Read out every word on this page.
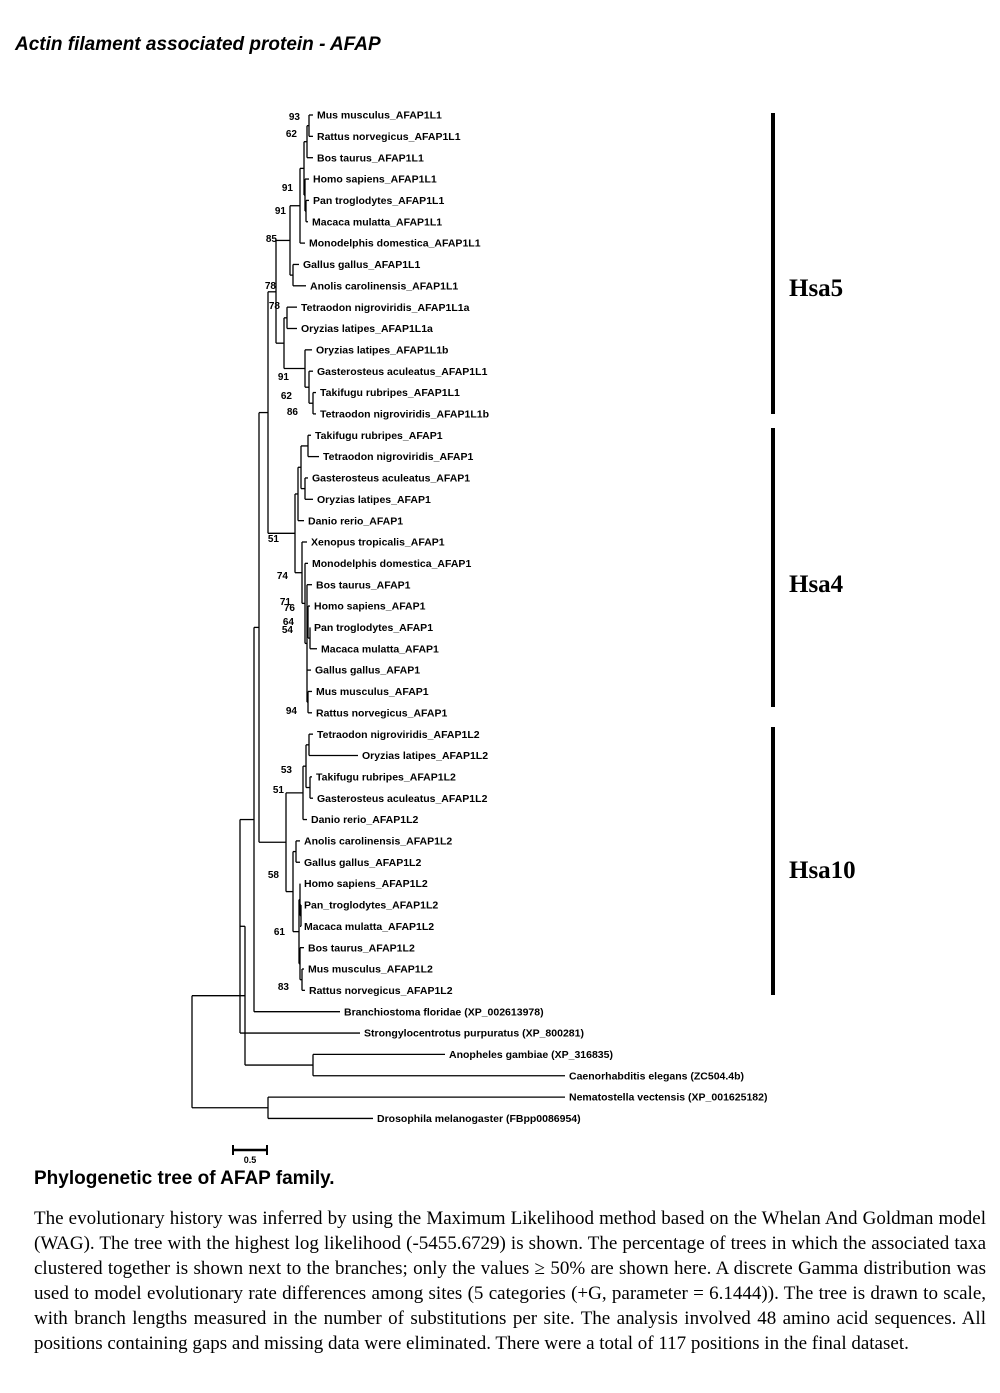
Actin filament associated protein - AFAP
Mus musculus_AFAP1L1
Rattus norvegicus_AFAP1L1
Bos taurus_AFAP1L1
Homo sapiens_AFAP1L1
Pan troglodytes_AFAP1L1
Macaca mulatta_AFAP1L1
Monodelphis domestica_AFAP1L1
Gallus gallus_AFAP1L1
Anolis carolinensis_AFAP1L1
Tetraodon nigroviridis_AFAP1L1a
Oryzias latipes_AFAP1L1a
Oryzias latipes_AFAP1L1b
Gasterosteus aculeatus_AFAP1L1
Takifugu rubripes_AFAP1L1
Tetraodon nigroviridis_AFAP1L1b
Takifugu rubripes_AFAP1
Tetraodon nigroviridis_AFAP1
Gasterosteus aculeatus_AFAP1
Oryzias latipes_AFAP1
Danio rerio_AFAP1
Xenopus tropicalis_AFAP1
Monodelphis domestica_AFAP1
Bos taurus_AFAP1
Homo sapiens_AFAP1
Pan troglodytes_AFAP1
Macaca mulatta_AFAP1
Gallus gallus_AFAP1
Mus musculus_AFAP1
Rattus norvegicus_AFAP1
Tetraodon nigroviridis_AFAP1L2
Oryzias latipes_AFAP1L2
Takifugu rubripes_AFAP1L2
Gasterosteus aculeatus_AFAP1L2
Danio rerio_AFAP1L2
Anolis carolinensis_AFAP1L2
Gallus gallus_AFAP1L2
Homo sapiens_AFAP1L2
Pan_troglodytes_AFAP1L2
Macaca mulatta_AFAP1L2
Bos taurus_AFAP1L2
Mus musculus_AFAP1L2
Rattus norvegicus_AFAP1L2
Branchiostoma floridae (XP_002613978)
Strongylocentrotus purpuratus (XP_800281)
Anopheles gambiae (XP_316835)
Caenorhabditis elegans (ZC504.4b)
Nematostella vectensis (XP_001625182)
Drosophila melanogaster (FBpp0086954)
93
62
91
91
85
78
78
91
62
86
51
74
71
76
64
54
94
53
51
58
61
83
Hsa5
Hsa4
Hsa10
0.5
Phylogenetic tree of AFAP family.

The evolutionary history was inferred by using the Maximum Likelihood method based on the Whelan And Goldman model (WAG). The tree with the highest log likelihood (-5455.6729) is shown. The percentage of trees in which the associated taxa clustered together is shown next to the branches; only the values ≥ 50% are shown here. A discrete Gamma distribution was used to model evolutionary rate differences among sites (5 categories (+G, parameter = 6.1444)). The tree is drawn to scale, with branch lengths measured in the number of substitutions per site. The analysis involved 48 amino acid sequences. All positions containing gaps and missing data were eliminated. There were a total of 117 positions in the final dataset.
